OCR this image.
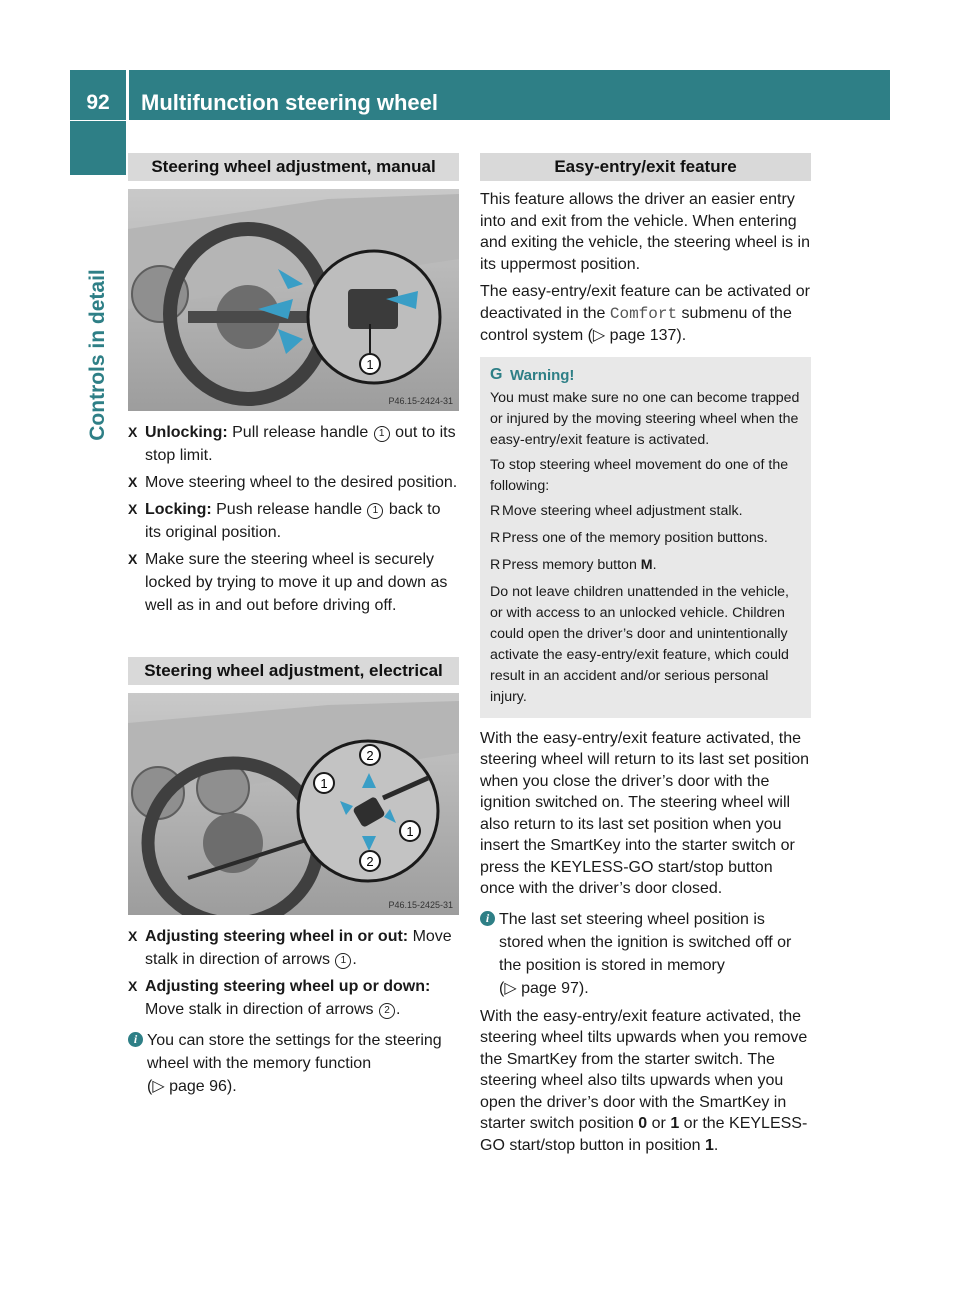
92	Multifunction steering wheel
Controls in detail
Steering wheel adjustment, manual
1
P46.15-2424-31
X Unlocking: Pull release handle 1 out to its stop limit.
X Move steering wheel to the desired position.
X Locking: Push release handle 1 back to its original position.
X Make sure the steering wheel is securely locked by trying to move it up and down as well as in and out before driving off.
Steering wheel adjustment, electrical
2
1
1
2
P46.15-2425-31
X Adjusting steering wheel in or out: Move stalk in direction of arrows 1 .
X Adjusting steering wheel up or down: Move stalk in direction of arrows 2 .
i You can store the settings for the steering wheel with the memory function
(▷ page 96).
Easy-entry/exit feature

This feature allows the driver an easier entry into and exit from the vehicle. When entering and exiting the vehicle, the steering wheel is in its uppermost position.

The easy-entry/exit feature can be activated or deactivated in the Comfort submenu of the control system (▷ page 137).

G Warning!

You must make sure no one can become trapped or injured by the moving steering wheel when the easy-entry/exit feature is activated.

To stop steering wheel movement do one of the following:

R Move steering wheel adjustment stalk.
R Press one of the memory position buttons.
R Press memory button M.

Do not leave children unattended in the vehicle, or with access to an unlocked vehicle. Children could open the driver’s door and unintentionally activate the easy-entry/exit feature, which could result in an accident and/or serious personal injury.

With the easy-entry/exit feature activated, the steering wheel will return to its last set position when you close the driver’s door with the ignition switched on. The steering wheel will also return to its last set position when you insert the SmartKey into the starter switch or press the KEYLESS-GO start/stop button once with the driver’s door closed.

i The last set steering wheel position is stored when the ignition is switched off or the position is stored in memory
(▷ page 97).

With the easy-entry/exit feature activated, the steering wheel tilts upwards when you remove the SmartKey from the starter switch. The steering wheel also tilts upwards when you open the driver’s door with the SmartKey in starter switch position 0 or 1 or the KEYLESS-GO start/stop button in position 1.
